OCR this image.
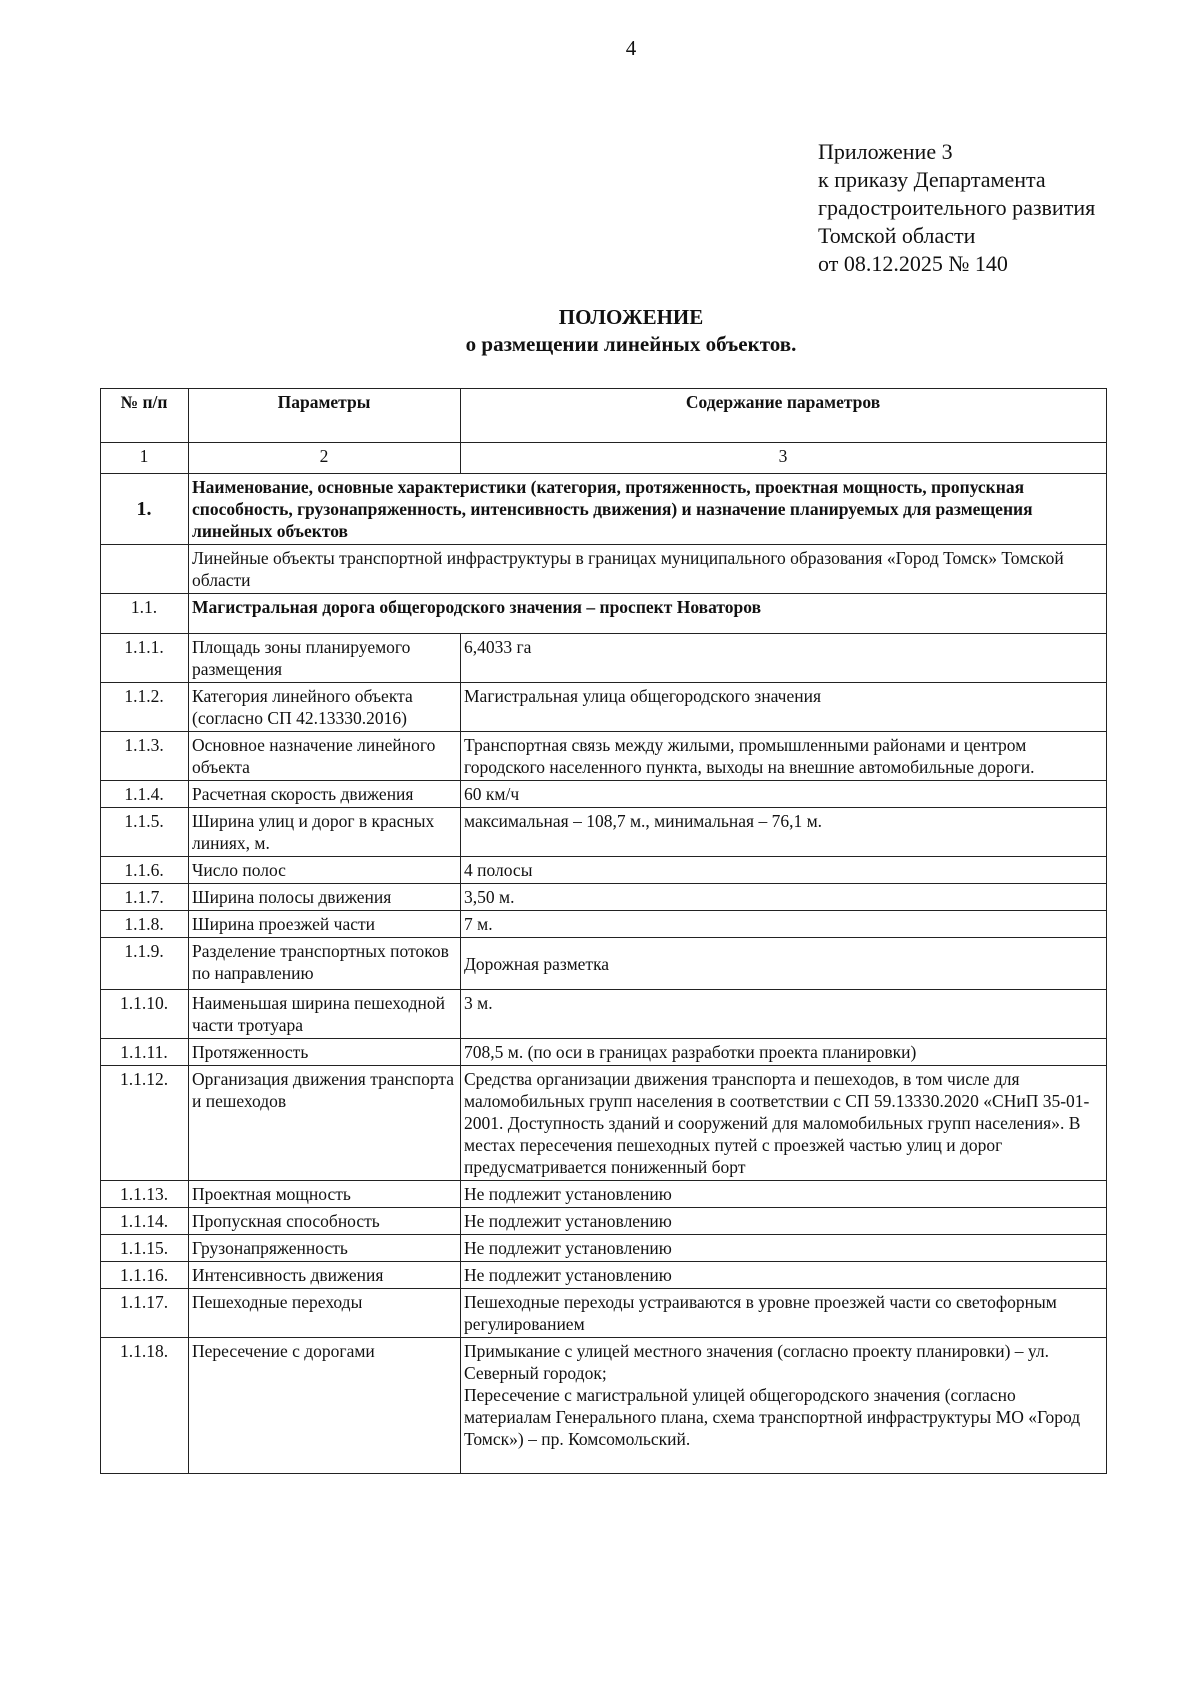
4
Приложение 3
к приказу Департамента
градостроительного развития
Томской области
от 08.12.2025 № 140
ПОЛОЖЕНИЕ
о размещении линейных объектов.
№ п/п	Параметры	Содержание параметров
1	2	3
1.	Наименование, основные характеристики (категория, протяженность, проектная мощность, пропускная способность, грузонапряженность, интенсивность движения) и назначение планируемых для размещения линейных объектов	
	Линейные объекты транспортной инфраструктуры в границах муниципального образования «Город Томск» Томской области	
1.1.	Магистральная дорога общегородского значения – проспект Новаторов	
1.1.1.	Площадь зоны планируемого размещения	6,4033 га
1.1.2.	Категория линейного объекта (согласно СП 42.13330.2016)	Магистральная улица общегородского значения
1.1.3.	Основное назначение линейного объекта	Транспортная связь между жилыми, промышленными районами и центром городского населенного пункта, выходы на внешние автомобильные дороги.
1.1.4.	Расчетная скорость движения	60 км/ч
1.1.5.	Ширина улиц и дорог в красных линиях, м.	максимальная – 108,7 м., минимальная – 76,1 м.
1.1.6.	Число полос	4 полосы
1.1.7.	Ширина полосы движения	3,50 м.
1.1.8.	Ширина проезжей части	7 м.
1.1.9.	Разделение транспортных потоков по направлению	Дорожная разметка
1.1.10.	Наименьшая ширина пешеходной части тротуара	3 м.
1.1.11.	Протяженность	708,5 м. (по оси в границах разработки проекта планировки)
1.1.12.	Организация движения транспорта и пешеходов	Средства организации движения транспорта и пешеходов, в том числе для маломобильных групп населения в соответствии с СП 59.13330.2020 «СНиП 35-01-2001. Доступность зданий и сооружений для маломобильных групп населения». В местах пересечения пешеходных путей с проезжей частью улиц и дорог предусматривается пониженный борт
1.1.13.	Проектная мощность	Не подлежит установлению
1.1.14.	Пропускная способность	Не подлежит установлению
1.1.15.	Грузонапряженность	Не подлежит установлению
1.1.16.	Интенсивность движения	Не подлежит установлению
1.1.17.	Пешеходные переходы	Пешеходные переходы устраиваются в уровне проезжей части со светофорным регулированием
1.1.18.	Пересечение с дорогами	Примыкание с улицей местного значения (согласно проекту планировки) – ул. Северный городок;
Пересечение с магистральной улицей общегородского значения (согласно материалам Генерального плана, схема транспортной инфраструктуры МО «Город Томск») – пр. Комсомольский.
